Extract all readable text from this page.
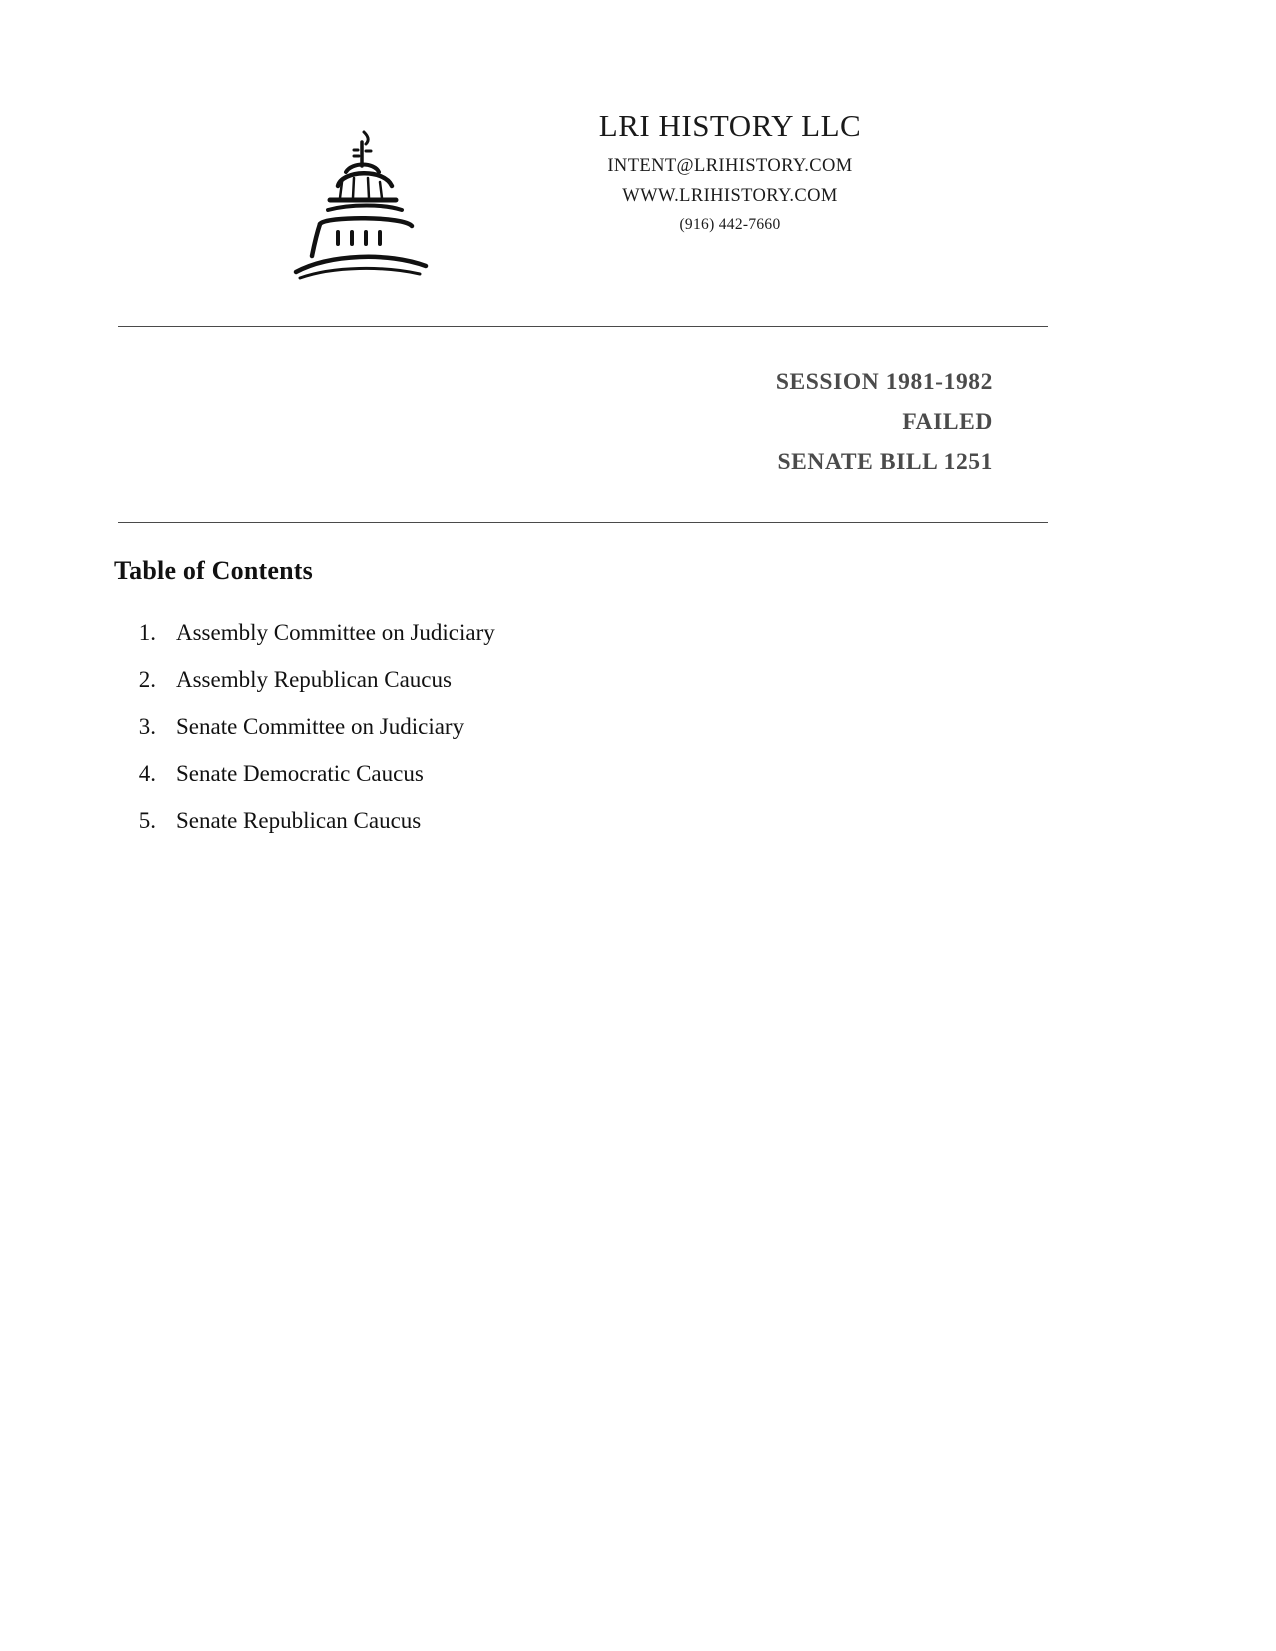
LRI HISTORY LLC
INTENT@LRIHISTORY.COM
WWW.LRIHISTORY.COM
(916) 442-7660
SESSION 1981-1982
FAILED
SENATE BILL 1251
Table of Contents
1. Assembly Committee on Judiciary
2. Assembly Republican Caucus
3. Senate Committee on Judiciary
4. Senate Democratic Caucus
5. Senate Republican Caucus
